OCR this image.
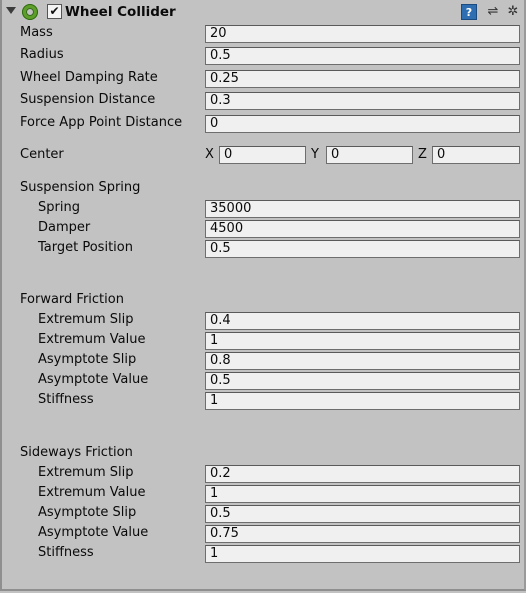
✔ Wheel Collider	?	⇌ ✲
Mass	20
Radius	0.5
Wheel Damping Rate	0.25
Suspension Distance	0.3
Force App Point Distance	0
Center	X 0	Y 0	Z 0
Suspension Spring
Spring	35000
Damper	4500
Target Position	0.5
Forward Friction
Extremum Slip	0.4
Extremum Value	1
Asymptote Slip	0.8
Asymptote Value	0.5
Stiffness	1
Sideways Friction
Extremum Slip	0.2
Extremum Value	1
Asymptote Slip	0.5
Asymptote Value	0.75
Stiffness	1
